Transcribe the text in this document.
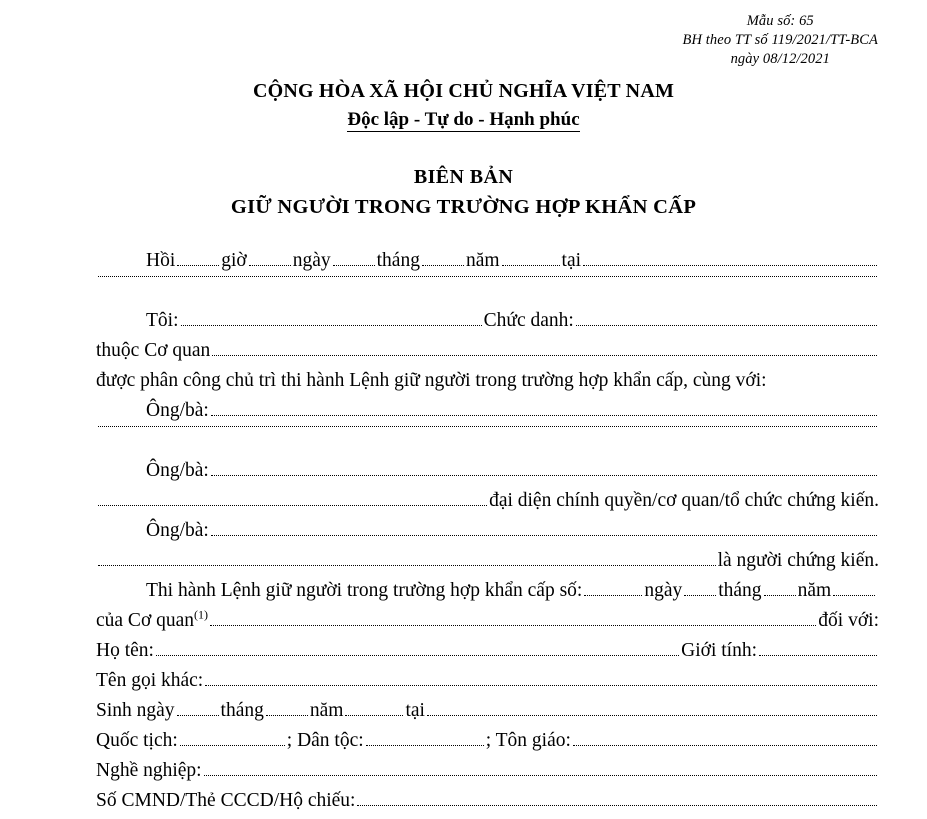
Mẫu số: 65
BH theo TT số 119/2021/TT-BCA
ngày 08/12/2021
CỘNG HÒA XÃ HỘI CHỦ NGHĨA VIỆT NAM
Độc lập - Tự do - Hạnh phúc
BIÊN BẢN
GIỮ NGƯỜI TRONG TRƯỜNG HỢP KHẨN CẤP
Hồi giờ ngày tháng năm	tại
Tôi:	Chức danh:
thuộc Cơ quan
được phân công chủ trì thi hành Lệnh giữ người trong trường hợp khẩn cấp, cùng với:
Ông/bà:
Ông/bà:
đại diện chính quyền/cơ quan/tổ chức chứng kiến.
Ông/bà:
là người chứng kiến.
Thi hành Lệnh giữ người trong trường hợp khẩn cấp số:	ngày tháng năm
của Cơ quan$^{(1)}$	đối với:
Họ tên:	Giới tính:
Tên gọi khác:
Sinh ngày tháng năm	tại
Quốc tịch:	; Dân tộc:	; Tôn giáo:
Nghề nghiệp:
Số CMND/Thẻ CCCD/Hộ chiếu:
